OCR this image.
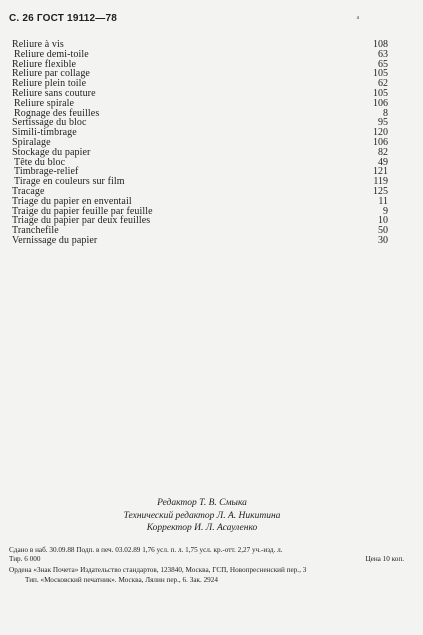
С. 26 ГОСТ 19112—78	⁴
Reliure à vis	108
Reliure demi-toile	63
Reliure flexible	65
Reliure par collage	105
Reliure plein toile	62
Reliure sans couture	105
Reliure spirale	106
Rognage des feuilles	8
Sertissage du bloc	95
Simili-timbrage	120
Spiralage	106
Stockage du papier	82
Tête du bloc	49
Timbrage-relief	121
Tirage en couleurs sur film	119
Tracage	125
Triage du papier en enventail	11
Traige du papier feuille par feuille	9
Triage du papier par deux feuilles	10
Tranchefile	50
Vernissage du papier	30
Редактор Т. В. Смыка
Технический редактор Л. А. Никитина
Корректор И. Л. Асауленко
Сдано в наб. 30.09.88 Подп. в печ. 03.02.89 1,76 усл. п. л. 1,75 усл. кр.-отт. 2,27 уч.-изд. л.
Тир. 6 000	Цена 10 коп.
Ордена «Знак Почета» Издательство стандартов, 123840, Москва, ГСП, Новопресненский пер., 3
Тип. «Московский печатник». Москва, Лялин пер., 6. Зак. 2924
